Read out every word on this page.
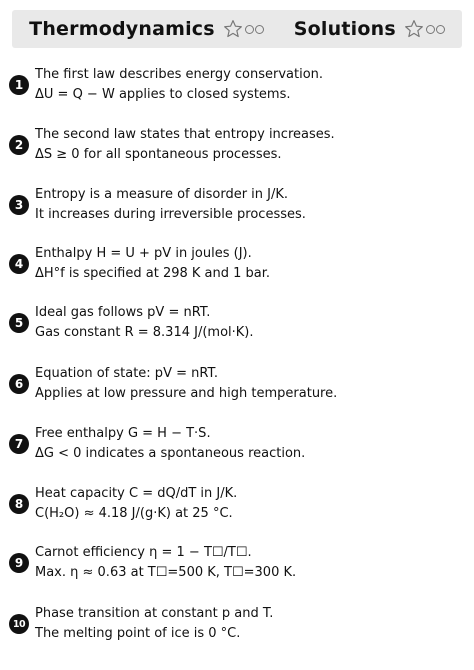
Thermodynamics	Solutions
1
The first law describes energy conservation.
ΔU = Q − W applies to closed systems.
2
The second law states that entropy increases.
ΔS ≥ 0 for all spontaneous processes.
3
Entropy is a measure of disorder in J/K.
It increases during irreversible processes.
4
Enthalpy H = U + pV in joules (J).
ΔH°f is specified at 298 K and 1 bar.
5
Ideal gas follows pV = nRT.
Gas constant R = 8.314 J/(mol·K).
6
Equation of state: pV = nRT.
Applies at low pressure and high temperature.
7
Free enthalpy G = H − T·S.
ΔG < 0 indicates a spontaneous reaction.
8
Heat capacity C = dQ/dT in J/K.
C(H₂O) ≈ 4.18 J/(g·K) at 25 °C.
9
Carnot efficiency η = 1 − T☐/T☐.
Max. η ≈ 0.63 at T☐=500 K, T☐=300 K.
10
Phase transition at constant p and T.
The melting point of ice is 0 °C.
